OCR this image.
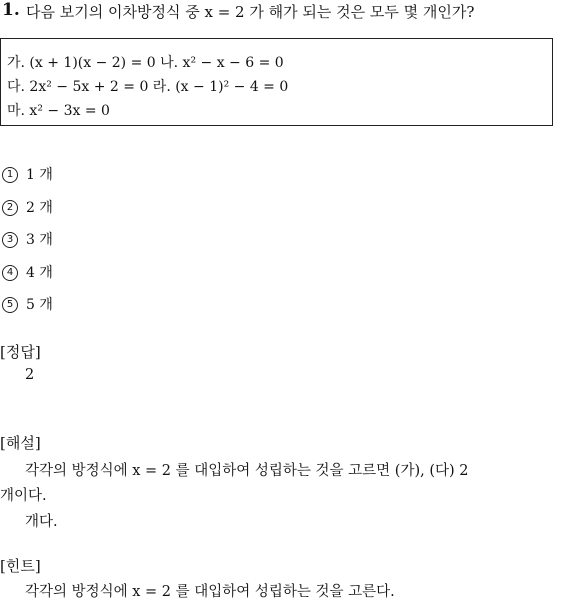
1. 다음 보기의 이차방정식 중 x = 2 가 해가 되는 것은 모두 몇 개인가?
가. (x + 1)(x − 2) = 0 나. x² − x − 6 = 0
다. 2x² − 5x + 2 = 0 라. (x − 1)² − 4 = 0
마. x² − 3x = 0
1 1 개
2 2 개
3 3 개
4 4 개
5 5 개
[정답]
2
[해설]
각각의 방정식에 x = 2 를 대입하여 성립하는 것을 고르면 (가), (다) 2
개이다.
개다.
[힌트]
각각의 방정식에 x = 2 를 대입하여 성립하는 것을 고른다.
